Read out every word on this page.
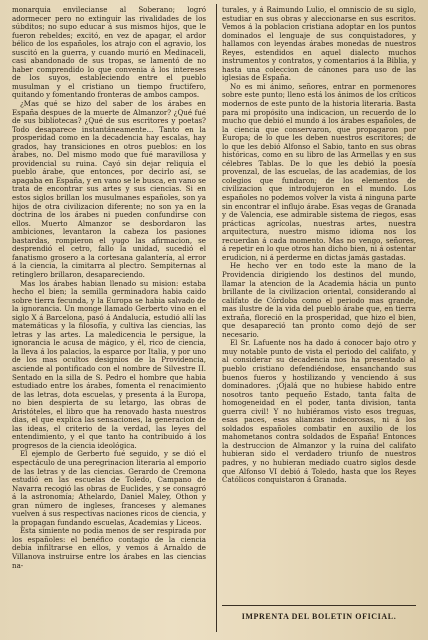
monarquia envilecianse al Soberano; logró adormecer pero no extinguir las rivalidades de los súbditos; no supo educar á sus mismos hijos, que le fueron rebeldes; excitó, en vez de apagar, el ardor bélico de los españoles, los atrajo con el agravio, los suscitó en la guerra, y cuando murió en Medinaceli, casi abandonado de sus tropas, se lamentó de no haber comprendido lo que convenia á los intereses de los suyos, estableciendo entre el pueblo musulman y el cristiano un tiempo fructifero, quitando y fomentando fronteras de ambos campos.

¿Mas qué se hizo del saber de los árabes en España despues de la muerte de Almanzor? ¿Qué fué de sus bibliotecas? ¿Qué de sus escritores y poetas? Todo desaparece instantáneamente... Tanto en la prosperidad como en la decadencia hay escalas, hay grados, hay transiciones en otros pueblos: en los árabes, no. Del mismo modo que fué maravillosa y providencial su ruina. Cayó sin dejar reliquia el pueblo árabe, que entonces, por decirlo así, se apagaba en España, y en vano se le busca, en vano se trata de encontrar sus artes y sus ciencias. Si en estos siglos brillan los musulmanes españoles, son ya hijos de otra civilizacion diferente; no son ya en la doctrina de los árabes ni pueden confundirse con ellos. Muerto Almanzor se desbordaron las ambiciones, levantaron la cabeza los pasiones bastardas, rompieron el yugo las afirmacion, se desprendió el cetro, fallo la unidad, sucedió el fanatismo grosero a la cortesana galantería, al error á la ciencia, la cimitarra al plectro. Sempiternas al retinglero brillaron, desapareciendo.

Mas los árabes habian llenado su mision: estaba hecho el bien; la semilla germinadora habia caido sobre tierra fecunda, y la Europa se habia salvado de la ignorancia. Un monge llamado Gerberto vino en el siglo X á Barcelona, pasó á Andalucía, estudió allí las matemáticas y la filosofía, y cultiva las ciencias, las letras y las artes. La maledicencia le persigue, la ignorancia le acusa de mágico, y él, rico de ciencia, la lleva á los palacios, la esparce por Italia, y por uno de los mas ocultos designios de la Providencia, asciende al pontificado con el nombre de Silvestre II. Sentado en la silla de S. Pedro el hombre que habia estudiado entre los árabes, fomenta el renacimiento de las letras, dota escuelas, y presenta á la Europa, no bien despierta de su letargo, las obras de Aristóteles, el libro que ha renovado hasta nuestros dias, el que explica las sensaciones, la generacion de las ideas, el criterio de la verdad, las leyes del entendimiento, y el que tanto ha contribuido á los progresos de la ciencia ideológica.

El ejemplo de Gerberto fué seguido, y se dió el espectáculo de una peregrinacion literaria al emporio de las letras y de las ciencias. Gerardo de Cremona estudió en las escuelas de Toledo, Campano de Navarra recogió las obras de Euclides, y se consagró á la astronomía; Athelardo, Daniel Maley, Othon y gran número de ingleses, franceses y alemanes vuelven á sus respectivas naciones ricos de ciencia, y la propagan fundando escuelas, Academias y Liceos.

Esta simiente no podia menos de ser respirada por los españoles: el benéfico contagio de la ciencia debia infiltrarse en ellos, y vemos á Arnaldo de Villanova instruirse entre los árabes en las ciencias na-

turales, y á Raimundo Lulio, el omniscio de su siglo, estudiar en sus obras y aleccionarse en sus escritos. Vemos á la poblacion cristiana adoptar en los puntos dominados el lenguaje de sus conquistadores, y hallamos con leyendas árabes monedas de nuestros Reyes, estendidos en aquel dialecto muchos instrumentos y contratos, y comentarios á la Biblia, y hasta una coleccion de cánones para uso de las iglesias de España.

No es mi ánimo, señores, entrar en pormenores sobre este punto; lleno está los ánimos de los críticos modernos de este punto de la historia literaria. Basta para mi propósito una indicacion, un recuerdo de lo mucho que debió el mundo á los árabes españoles, de la ciencia que conservaron, que propagaron por Europa; de lo que les deben nuestros escritores; de lo que les debió Alfonso el Sabio, tanto en sus obras históricas, como en su libro de las Armellas y en sus célebres Tablas. De lo que les debió la poesía provenzal, de las escuelas, de las academias, de los colegios que fundaron; de los elementos de civilizacion que introdujeron en el mundo. Los españoles no podemos volver la vista á ninguna parte sin encontrar el influjo árabe. Esas vegas de Granada y de Valencia, ese admirable sistema de riegos, esas prácticas agrícolas, nuestras artes, nuestra arquitectura, nuestro mismo idioma nos los recuerdan á cada momento. Mas no vengo, señores, á repetir en lo que otros han dicho bien, ni á ostentar erudicion, ni á perderme en dictas jamás gastadas.

He hecho ver en todo este la mano de la Providencia dirigiendo los destinos del mundo, llamar la atencion de la Academia hácia un punto brillante de la civilizacion oriental, considerando al califato de Córdoba como el periodo mas grande, mas ilustre de la vida del pueblo árabe que, en tierra extraña, floreció en la prosperidad, que hizo el bien, que desapareció tan pronto como dejó de ser necesario.

El Sr. Lafuente nos ha dado á conocer bajo otro y muy notable punto de vista el periodo del califato, y al considerar su decadencia nos ha presentado al pueblo cristiano defendiéndose, ensanchando sus buenos fueros y hostilizando y venciendo á sus dominadores. ¡Ojalá que no hubiese habido entre nosotros tanto pequeño Estado, tanta falta de homogeneidad en el poder, tanta division, tanta guerra civil! Y no hubiéramos visto esos treguas, esas paces, esas alianzas indecorosas, ni á los soldados españoles combatir en auxilio de los mahometanos contra soldados de España! Entonces la destruccion de Almanzor y la ruina del califato hubieran sido el verdadero triunfo de nuestros padres, y no hubieran mediado cuatro siglos desde que Alfonso VI debió á Toledo, hasta que los Reyes Católicos conquistaron á Granada.

IMPRENTA DEL BOLETIN OFICIAL.
